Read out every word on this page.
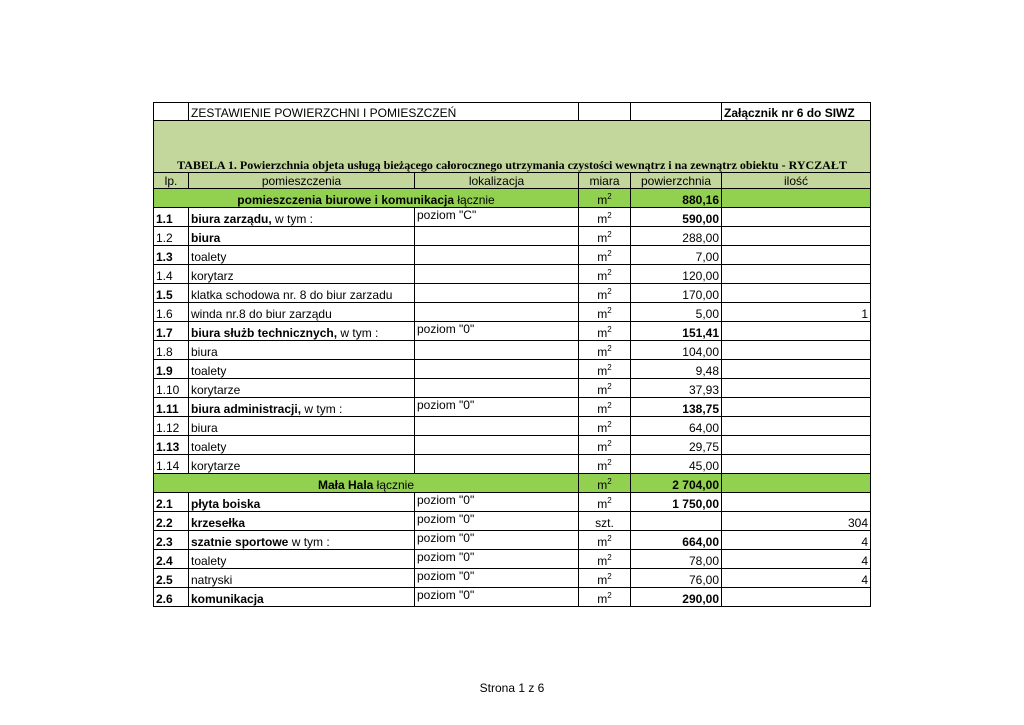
	ZESTAWIENIE POWIERZCHNI I POMIESZCZEŃ				Załącznik nr 6 do SIWZ
TABELA 1. Powierzchnia objeta usługą bieżącego całorocznego utrzymania czystości wewnątrz i na zewnątrz obiektu - RYCZAŁT					
lp.	pomieszczenia	lokalizacja	miara	powierzchnia	ilość
pomieszczenia biurowe i komunikacja łącznie			$m^2$	880,16	
1.1	biura zarządu, w tym :	poziom "C"	$m^2$	590,00	
1.2	biura		$m^2$	288,00	
1.3	toalety		$m^2$	7,00	
1.4	korytarz		$m^2$	120,00	
1.5	klatka schodowa nr. 8 do biur zarzadu		$m^2$	170,00	
1.6	winda nr.8 do biur zarządu		$m^2$	5,00	1
1.7	biura służb technicznych, w tym :	poziom "0"	$m^2$	151,41	
1.8	biura		$m^2$	104,00	
1.9	toalety		$m^2$	9,48	
1.10	korytarze		$m^2$	37,93	
1.11	biura administracji, w tym :	poziom "0"	$m^2$	138,75	
1.12	biura		$m^2$	64,00	
1.13	toalety		$m^2$	29,75	
1.14	korytarze		$m^2$	45,00	
Mała Hala łącznie			$m^2$	2 704,00	
2.1	płyta boiska	poziom "0"	$m^2$	1 750,00	
2.2	krzesełka	poziom "0"	szt.		304
2.3	szatnie sportowe w tym :	poziom "0"	$m^2$	664,00	4
2.4	toalety	poziom "0"	$m^2$	78,00	4
2.5	natryski	poziom "0"	$m^2$	76,00	4
2.6	komunikacja	poziom "0"	$m^2$	290,00	
Strona 1 z 6
